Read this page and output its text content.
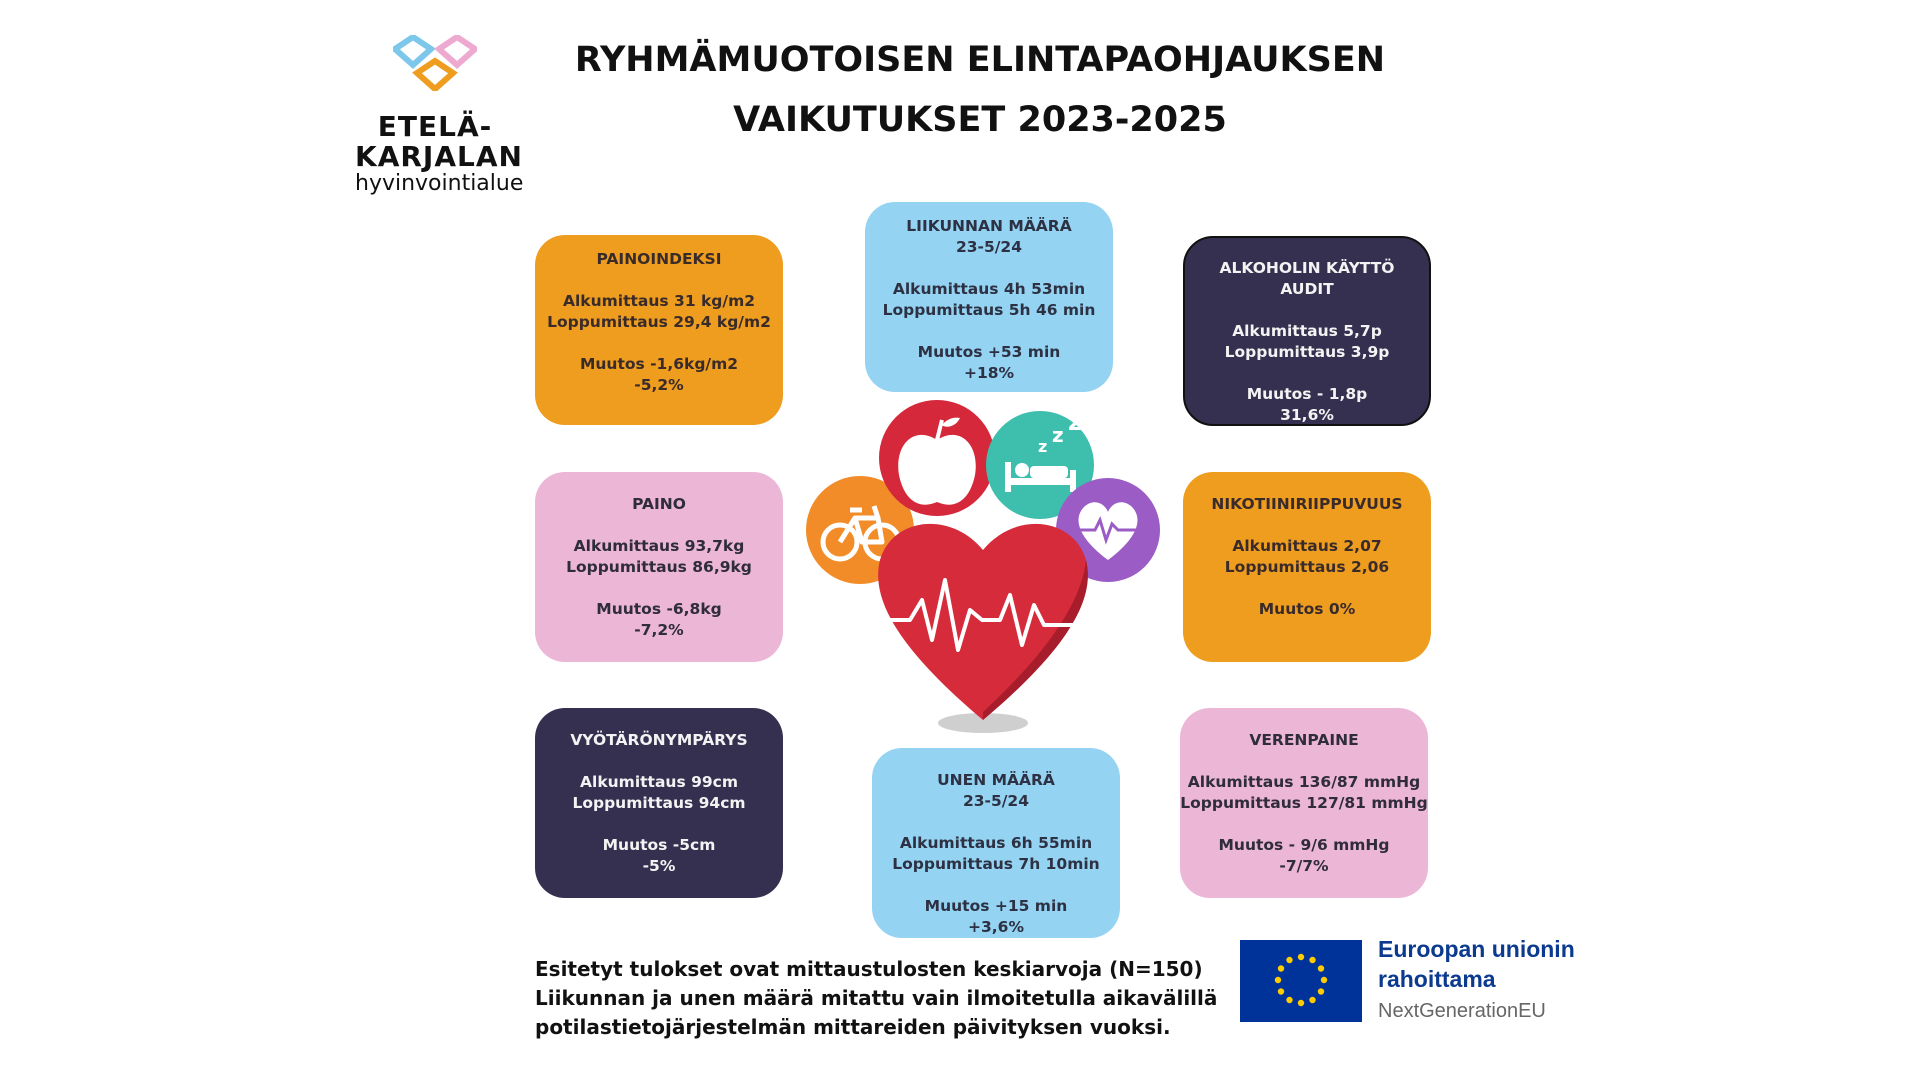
ETELÄ-
KARJALAN
hyvinvointialue
RYHMÄMUOTOISEN ELINTAPAOHJAUKSEN
VAIKUTUKSET 2023-2025
PAINOINDEKSI
Alkumittaus 31 kg/m2
Loppumittaus 29,4 kg/m2
Muutos -1,6kg/m2
-5,2%
LIIKUNNAN MÄÄRÄ
23-5/24
Alkumittaus 4h 53min
Loppumittaus 5h 46 min
Muutos +53 min
+18%
ALKOHOLIN KÄYTTÖ
AUDIT
Alkumittaus 5,7p
Loppumittaus 3,9p
Muutos - 1,8p
31,6%
PAINO
Alkumittaus 93,7kg
Loppumittaus 86,9kg
Muutos -6,8kg
-7,2%
NIKOTIINIRIIPPUVUUS
Alkumittaus 2,07
Loppumittaus 2,06
Muutos 0%
VYÖTÄRÖNYMPÄRYS
Alkumittaus 99cm
Loppumittaus 94cm
Muutos -5cm
-5%
UNEN MÄÄRÄ
23-5/24
Alkumittaus 6h 55min
Loppumittaus 7h 10min
Muutos +15 min
+3,6%
VERENPAINE
Alkumittaus 136/87 mmHg
Loppumittaus 127/81 mmHg
Muutos - 9/6 mmHg
-7/7%
z z z
Esitetyt tulokset ovat mittaustulosten keskiarvoja (N=150)
Liikunnan ja unen määrä mitattu vain ilmoitetulla aikavälillä
potilastietojärjestelmän mittareiden päivityksen vuoksi.
Euroopan unionin
rahoittama
NextGenerationEU
